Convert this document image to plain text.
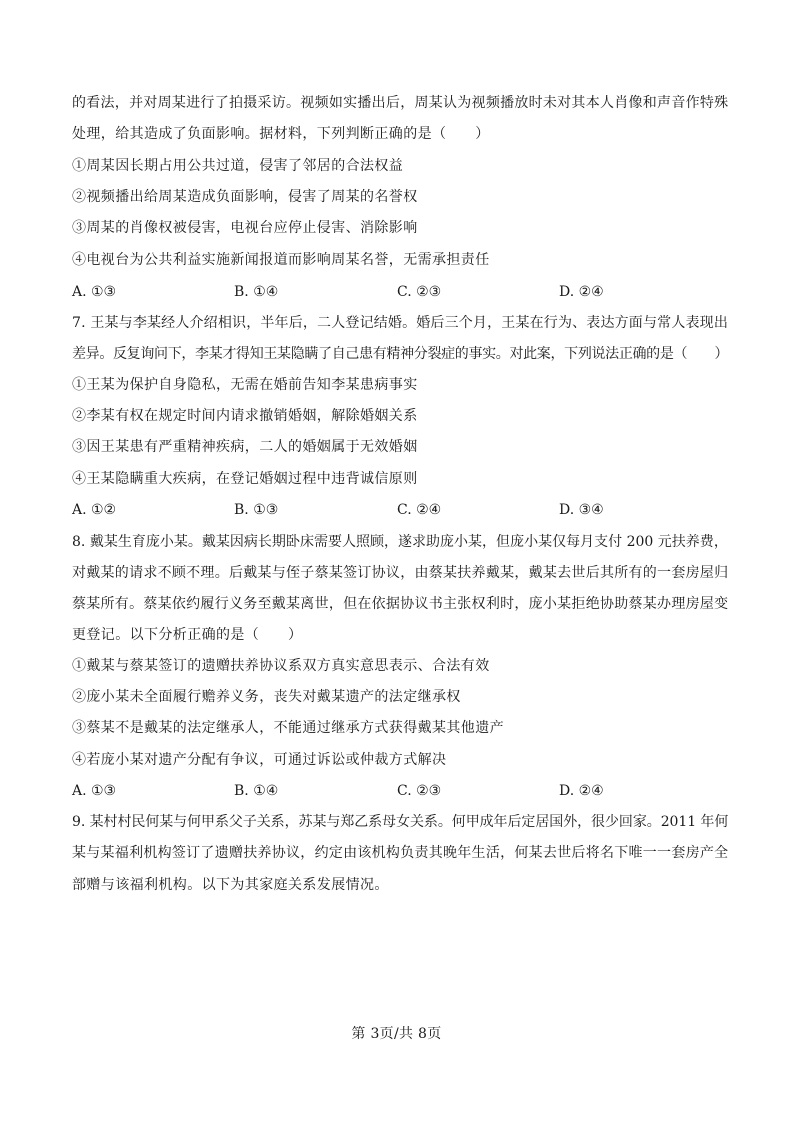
的看法，并对周某进行了拍摄采访。视频如实播出后，周某认为视频播放时未对其本人肖像和声音作特殊
处理，给其造成了负面影响。据材料，下列判断正确的是（　　）
①周某因长期占用公共过道，侵害了邻居的合法权益
②视频播出给周某造成负面影响，侵害了周某的名誉权
③周某的肖像权被侵害，电视台应停止侵害、消除影响
④电视台为公共利益实施新闻报道而影响周某名誉，无需承担责任
A. ①③	B. ①④	C. ②③	D. ②④
7. 王某与李某经人介绍相识，半年后，二人登记结婚。婚后三个月，王某在行为、表达方面与常人表现出
差异。反复询问下，李某才得知王某隐瞒了自己患有精神分裂症的事实。对此案，下列说法正确的是（　　）
①王某为保护自身隐私，无需在婚前告知李某患病事实
②李某有权在规定时间内请求撤销婚姻，解除婚姻关系
③因王某患有严重精神疾病，二人的婚姻属于无效婚姻
④王某隐瞒重大疾病，在登记婚姻过程中违背诚信原则
A. ①②	B. ①③	C. ②④	D. ③④
8. 戴某生育庞小某。戴某因病长期卧床需要人照顾，遂求助庞小某，但庞小某仅每月支付 200 元扶养费，
对戴某的请求不顾不理。后戴某与侄子蔡某签订协议，由蔡某扶养戴某，戴某去世后其所有的一套房屋归
蔡某所有。蔡某依约履行义务至戴某离世，但在依据协议书主张权利时，庞小某拒绝协助蔡某办理房屋变
更登记。以下分析正确的是（　　）
①戴某与蔡某签订的遗赠扶养协议系双方真实意思表示、合法有效
②庞小某未全面履行赡养义务，丧失对戴某遗产的法定继承权
③蔡某不是戴某的法定继承人，不能通过继承方式获得戴某其他遗产
④若庞小某对遗产分配有争议，可通过诉讼或仲裁方式解决
A. ①③	B. ①④	C. ②③	D. ②④
9. 某村村民何某与何甲系父子关系，苏某与郑乙系母女关系。何甲成年后定居国外，很少回家。2011 年何
某与某福利机构签订了遗赠扶养协议，约定由该机构负责其晚年生活，何某去世后将名下唯一一套房产全
部赠与该福利机构。以下为其家庭关系发展情况。
第 3页/共 8页
